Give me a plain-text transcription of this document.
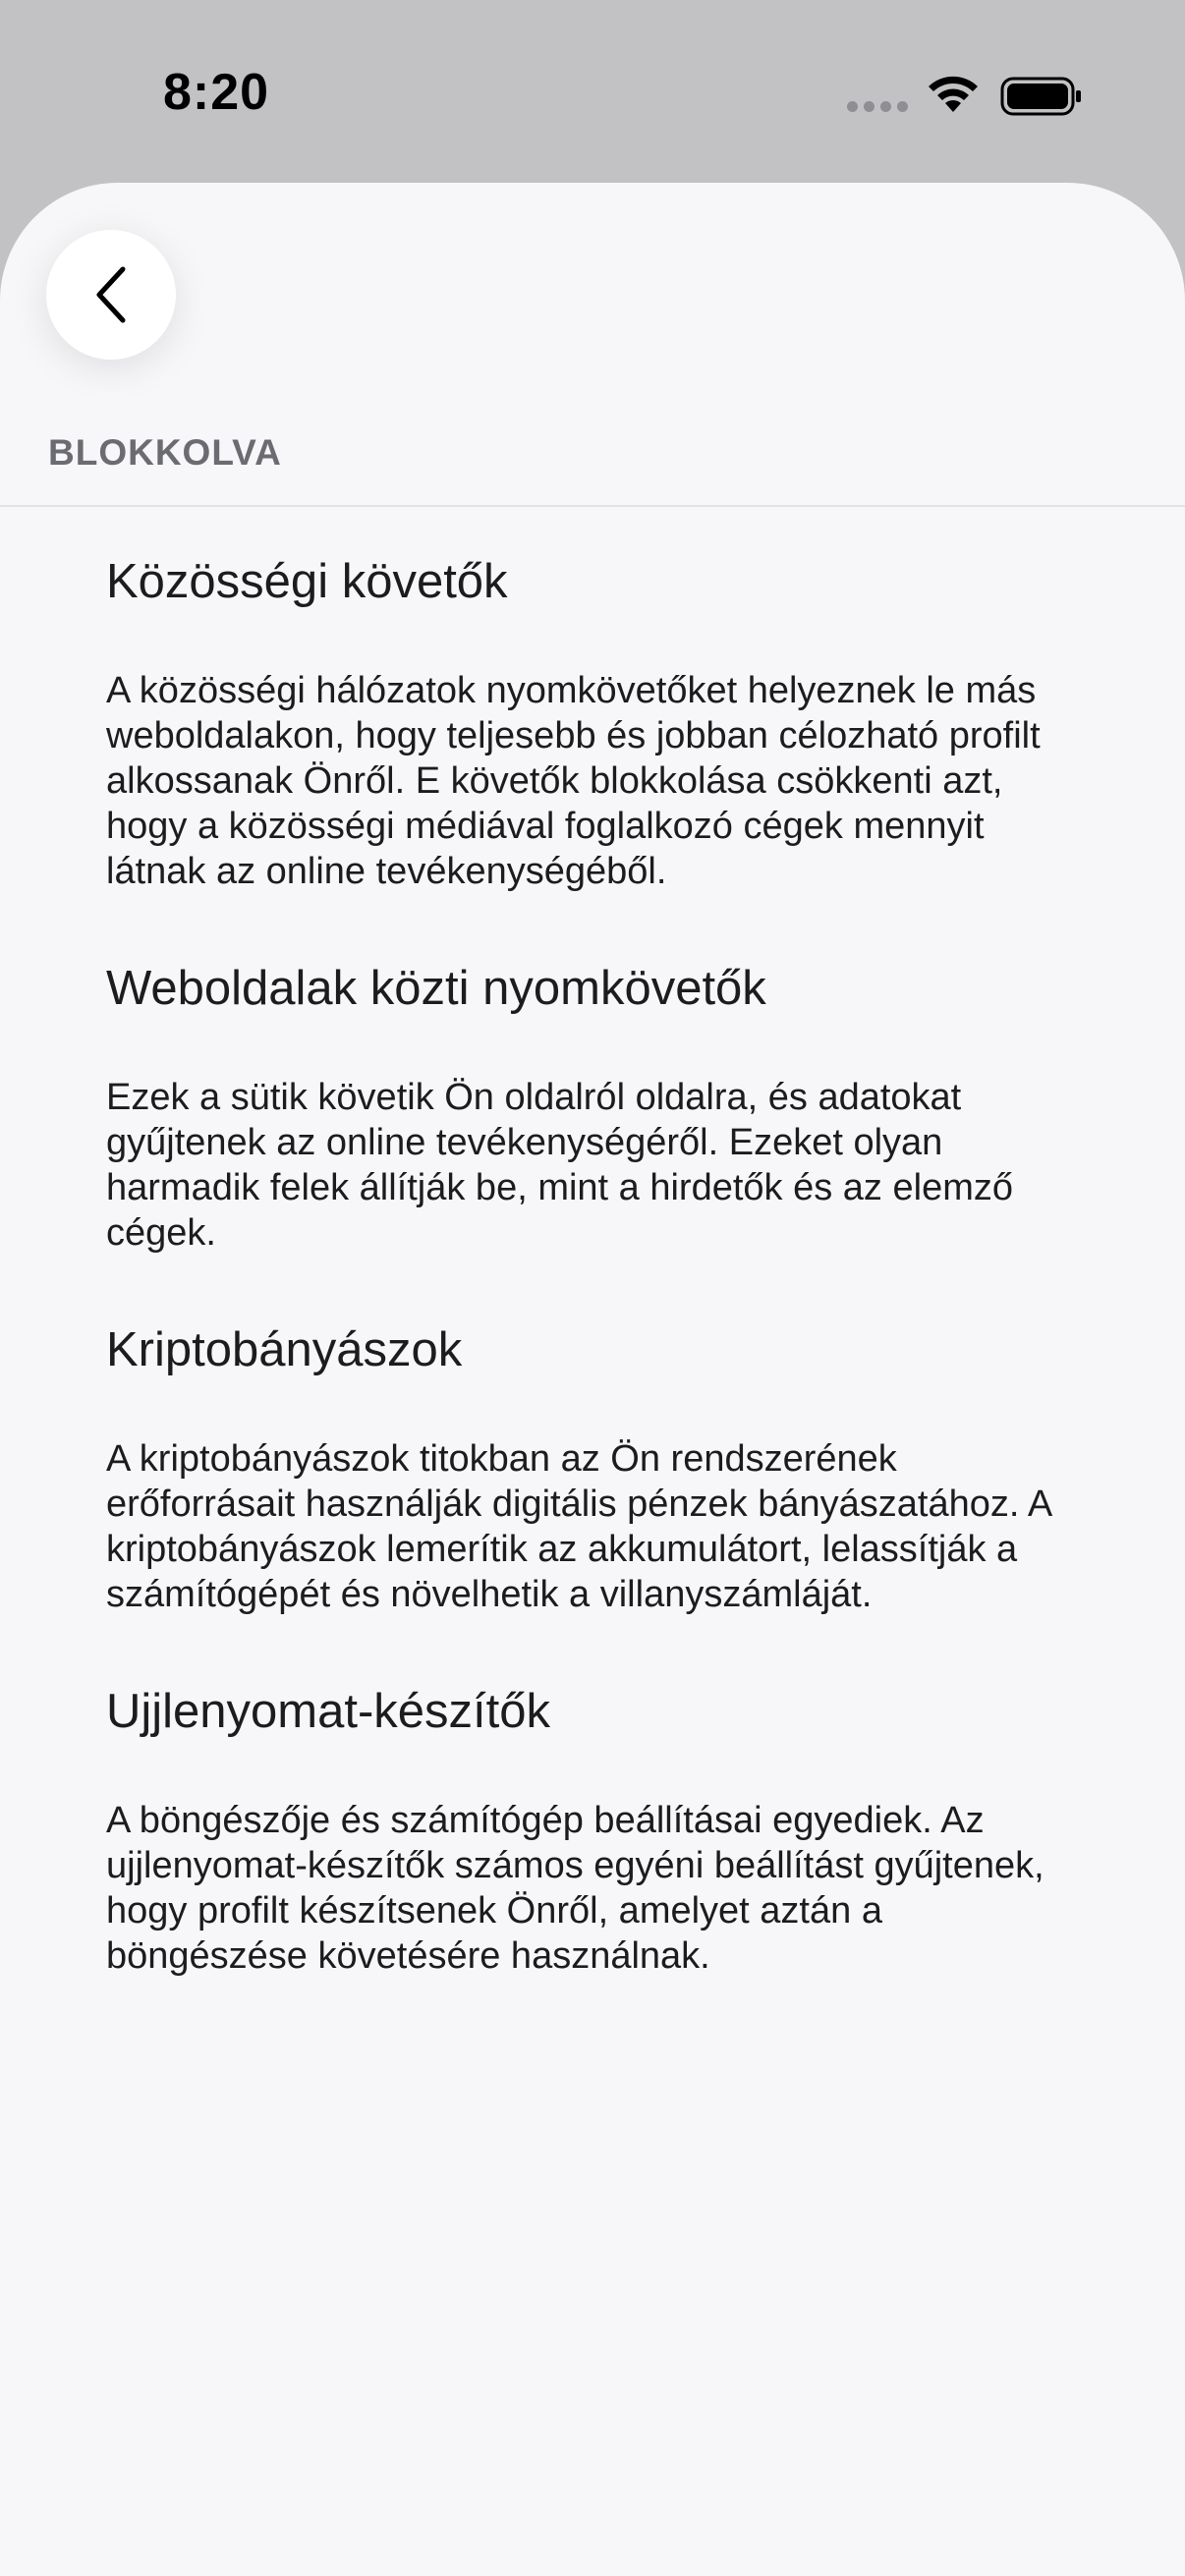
8:20
BLOKKOLVA
Közösségi követők

A közösségi hálózatok nyomkövetőket helyeznek le más weboldalakon, hogy teljesebb és jobban célozható profilt alkossanak Önről. E követők blokkolása csökkenti azt, hogy a közösségi médiával foglalkozó cégek mennyit látnak az online tevékenységéből.

Weboldalak közti nyomkövetők

Ezek a sütik követik Ön oldalról oldalra, és adatokat gyűjtenek az online tevékenységéről. Ezeket olyan harmadik felek állítják be, mint a hirdetők és az elemző cégek.

Kriptobányászok

A kriptobányászok titokban az Ön rendszerének erőforrásait használják digitális pénzek bányászatához. A kriptobányászok lemerítik az akkumulátort, lelassítják a számítógépét és növelhetik a villanyszámláját.

Ujjlenyomat-készítők

A böngészője és számítógép beállításai egyediek. Az ujjlenyomat-készítők számos egyéni beállítást gyűjtenek, hogy profilt készítsenek Önről, amelyet aztán a böngészése követésére használnak.
